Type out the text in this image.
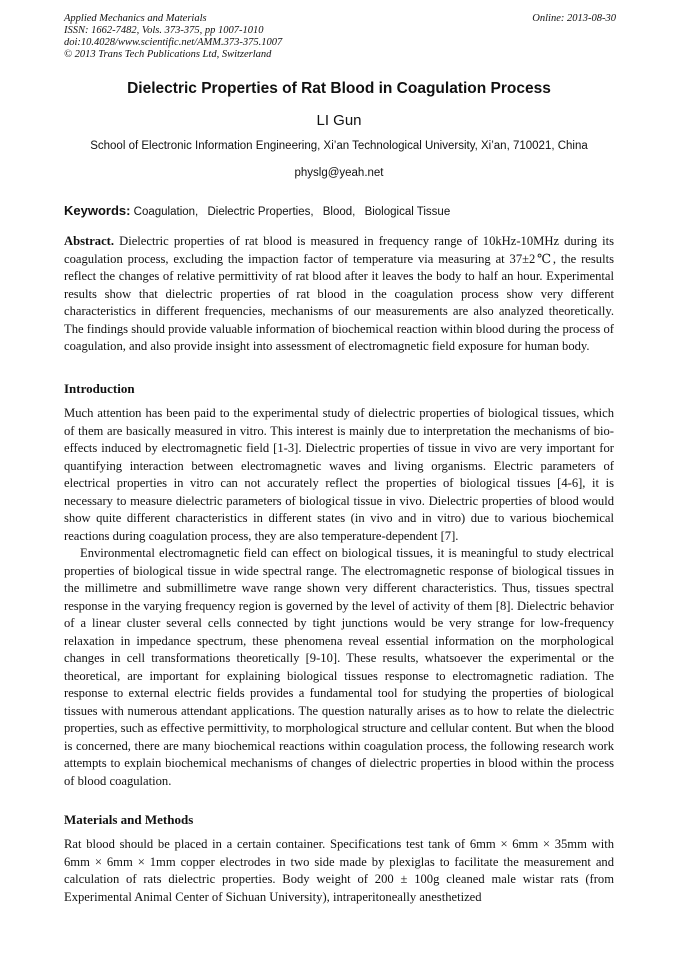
Applied Mechanics and Materials
ISSN: 1662-7482, Vols. 373-375, pp 1007-1010
doi:10.4028/www.scientific.net/AMM.373-375.1007
© 2013 Trans Tech Publications Ltd, Switzerland
Online: 2013-08-30
Dielectric Properties of Rat Blood in Coagulation Process
LI Gun
School of Electronic Information Engineering, Xi’an Technological University, Xi’an, 710021, China
physlg@yeah.net
Keywords: Coagulation, Dielectric Properties, Blood, Biological Tissue
Abstract. Dielectric properties of rat blood is measured in frequency range of 10kHz-10MHz during its coagulation process, excluding the impaction factor of temperature via measuring at 37±2℃, the results reflect the changes of relative permittivity of rat blood after it leaves the body to half an hour. Experimental results show that dielectric properties of rat blood in the coagulation process show very different characteristics in different frequencies, mechanisms of our measurements are also analyzed theoretically. The findings should provide valuable information of biochemical reaction within blood during the process of coagulation, and also provide insight into assessment of electromagnetic field exposure for human body.
Introduction

Much attention has been paid to the experimental study of dielectric properties of biological tissues, which of them are basically measured in vitro. This interest is mainly due to interpretation the mechanisms of bio-effects induced by electromagnetic field [1-3]. Dielectric properties of tissue in vivo are very important for quantifying interaction between electromagnetic waves and living organisms. Electric parameters of electrical properties in vitro can not accurately reflect the properties of biological tissues [4-6], it is necessary to measure dielectric parameters of biological tissue in vivo. Dielectric properties of blood would show quite different characteristics in different states (in vivo and in vitro) due to various biochemical reactions during coagulation process, they are also temperature-dependent [7].

Environmental electromagnetic field can effect on biological tissues, it is meaningful to study electrical properties of biological tissue in wide spectral range. The electromagnetic response of biological tissues in the millimetre and submillimetre wave range shown very different characteristics. Thus, tissues spectral response in the varying frequency region is governed by the level of activity of them [8]. Dielectric behavior of a linear cluster several cells connected by tight junctions would be very strange for low-frequency relaxation in impedance spectrum, these phenomena reveal essential information on the morphological changes in cell transformations theoretically [9-10]. These results, whatsoever the experimental or the theoretical, are important for explaining biological tissues response to electromagnetic radiation. The response to external electric fields provides a fundamental tool for studying the properties of biological tissues with numerous attendant applications. The question naturally arises as to how to relate the dielectric properties, such as effective permittivity, to morphological structure and cellular content. But when the blood is concerned, there are many biochemical reactions within coagulation process, the following research work attempts to explain biochemical mechanisms of changes of dielectric properties in blood within the process of blood coagulation.

Materials and Methods
Rat blood should be placed in a certain container. Specifications test tank of 6mm × 6mm × 35mm with 6mm × 6mm × 1mm copper electrodes in two side made by plexiglas to facilitate the measurement and calculation of rats dielectric properties. Body weight of 200 ± 100g cleaned male wistar rats (from Experimental Animal Center of Sichuan University), intraperitoneally anesthetized
